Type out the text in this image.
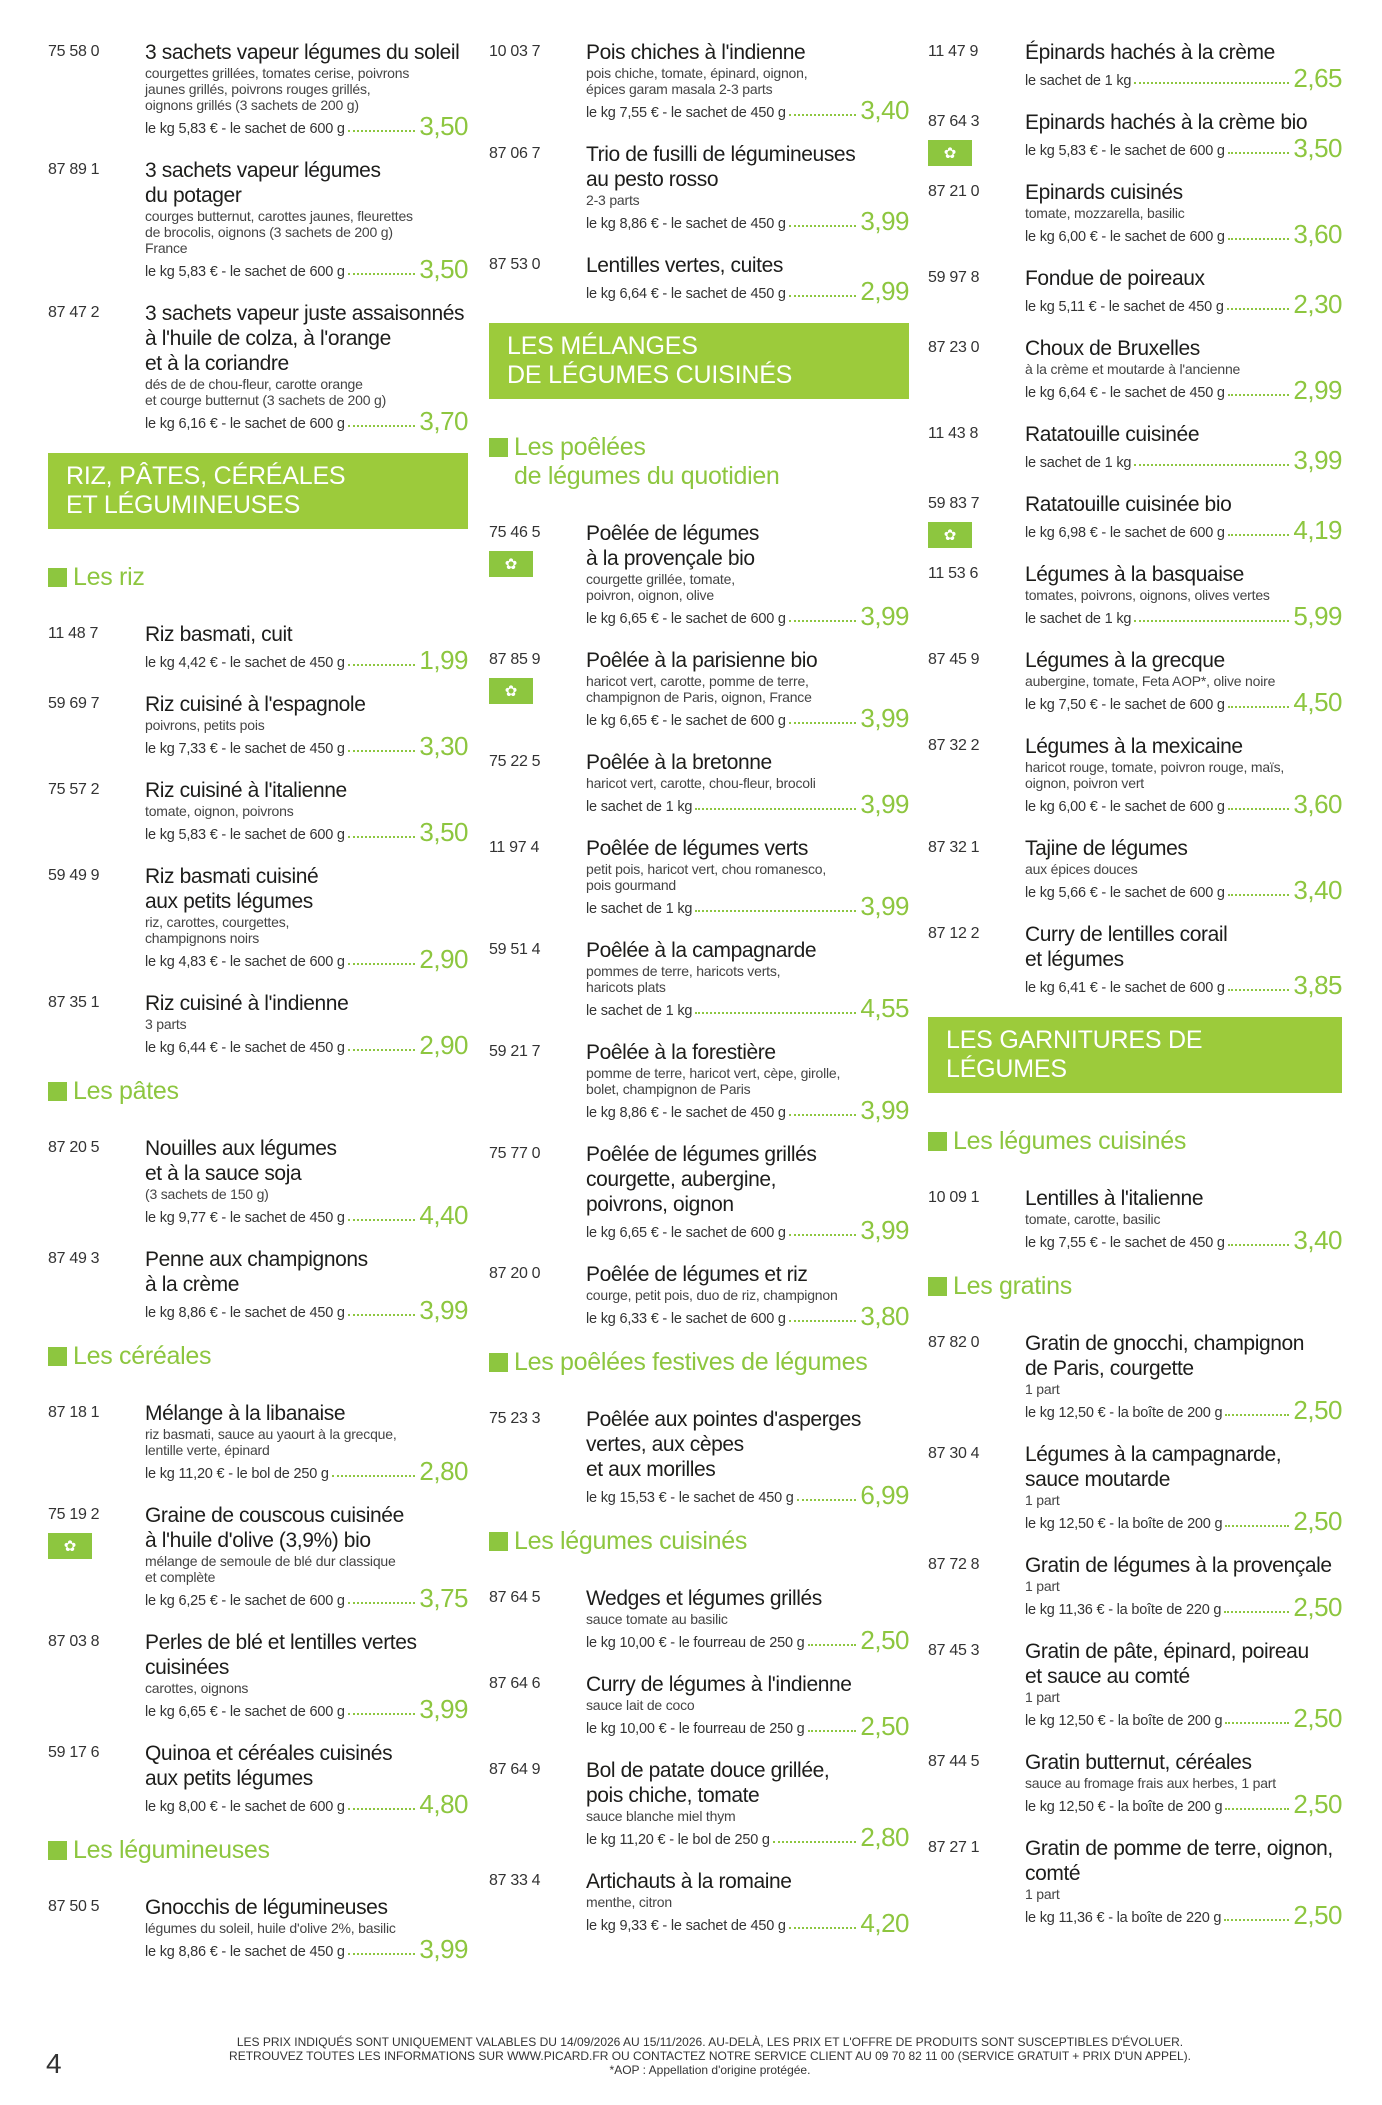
75 58 0	3 sachets vapeur légumes du soleil
courgettes grillées, tomates cerise, poivrons
jaunes grillés, poivrons rouges grillés,
oignons grillés (3 sachets de 200 g)
le kg 5,83 € - le sachet de 600 g	3,50
87 89 1	3 sachets vapeur légumes
du potager
courges butternut, carottes jaunes, fleurettes
de brocolis, oignons (3 sachets de 200 g)
France
le kg 5,83 € - le sachet de 600 g	3,50
87 47 2	3 sachets vapeur juste assaisonnés
à l'huile de colza, à l'orange
et à la coriandre
dés de de chou-fleur, carotte orange
et courge butternut (3 sachets de 200 g)
le kg 6,16 € - le sachet de 600 g	3,70
RIZ, PÂTES, CÉRÉALES
ET LÉGUMINEUSES
Les riz
11 48 7	Riz basmati, cuit
le kg 4,42 € - le sachet de 450 g	1,99
59 69 7	Riz cuisiné à l'espagnole
poivrons, petits pois
le kg 7,33 € - le sachet de 450 g	3,30
75 57 2	Riz cuisiné à l'italienne
tomate, oignon, poivrons
le kg 5,83 € - le sachet de 600 g	3,50
59 49 9	Riz basmati cuisiné
aux petits légumes
riz, carottes, courgettes,
champignons noirs
le kg 4,83 € - le sachet de 600 g	2,90
87 35 1	Riz cuisiné à l'indienne
3 parts
le kg 6,44 € - le sachet de 450 g	2,90
Les pâtes
87 20 5	Nouilles aux légumes
et à la sauce soja
(3 sachets de 150 g)
le kg 9,77 € - le sachet de 450 g	4,40
87 49 3	Penne aux champignons
à la crème
le kg 8,86 € - le sachet de 450 g	3,99
Les céréales
87 18 1	Mélange à la libanaise
riz basmati, sauce au yaourt à la grecque,
lentille verte, épinard
le kg 11,20 € - le bol de 250 g	2,80
75 19 2
✿
Graine de couscous cuisinée
à l'huile d'olive (3,9%) bio
mélange de semoule de blé dur classique
et complète
le kg 6,25 € - le sachet de 600 g	3,75
87 03 8	Perles de blé et lentilles vertes
cuisinées
carottes, oignons
le kg 6,65 € - le sachet de 600 g	3,99
59 17 6	Quinoa et céréales cuisinés
aux petits légumes
le kg 8,00 € - le sachet de 600 g	4,80
Les légumineuses
87 50 5	Gnocchis de légumineuses
légumes du soleil, huile d'olive 2%, basilic
le kg 8,86 € - le sachet de 450 g	3,99
10 03 7	Pois chiches à l'indienne
pois chiche, tomate, épinard, oignon,
épices garam masala 2-3 parts
le kg 7,55 € - le sachet de 450 g	3,40
87 06 7	Trio de fusilli de légumineuses
au pesto rosso
2-3 parts
le kg 8,86 € - le sachet de 450 g	3,99
87 53 0	Lentilles vertes, cuites
le kg 6,64 € - le sachet de 450 g	2,99
LES MÉLANGES
DE LÉGUMES CUISINÉS
Les poêlées
de légumes du quotidien
75 46 5
✿
Poêlée de légumes
à la provençale bio
courgette grillée, tomate,
poivron, oignon, olive
le kg 6,65 € - le sachet de 600 g	3,99
87 85 9
✿
Poêlée à la parisienne bio
haricot vert, carotte, pomme de terre,
champignon de Paris, oignon, France
le kg 6,65 € - le sachet de 600 g	3,99
75 22 5	Poêlée à la bretonne
haricot vert, carotte, chou-fleur, brocoli
le sachet de 1 kg	3,99
11 97 4	Poêlée de légumes verts
petit pois, haricot vert, chou romanesco,
pois gourmand
le sachet de 1 kg	3,99
59 51 4	Poêlée à la campagnarde
pommes de terre, haricots verts,
haricots plats
le sachet de 1 kg	4,55
59 21 7	Poêlée à la forestière
pomme de terre, haricot vert, cèpe, girolle,
bolet, champignon de Paris
le kg 8,86 € - le sachet de 450 g	3,99
75 77 0	Poêlée de légumes grillés
courgette, aubergine,
poivrons, oignon
le kg 6,65 € - le sachet de 600 g	3,99
87 20 0	Poêlée de légumes et riz
courge, petit pois, duo de riz, champignon
le kg 6,33 € - le sachet de 600 g	3,80
Les poêlées festives de légumes
75 23 3	Poêlée aux pointes d'asperges
vertes, aux cèpes
et aux morilles
le kg 15,53 € - le sachet de 450 g	6,99
Les légumes cuisinés
87 64 5	Wedges et légumes grillés
sauce tomate au basilic
le kg 10,00 € - le fourreau de 250 g 2,50
87 64 6	Curry de légumes à l'indienne
sauce lait de coco
le kg 10,00 € - le fourreau de 250 g 2,50
87 64 9	Bol de patate douce grillée,
pois chiche, tomate
sauce blanche miel thym
le kg 11,20 € - le bol de 250 g	2,80
87 33 4	Artichauts à la romaine
menthe, citron
le kg 9,33 € - le sachet de 450 g	4,20
11 47 9	Épinards hachés à la crème
le sachet de 1 kg	2,65
87 64 3
✿
Epinards hachés à la crème bio
le kg 5,83 € - le sachet de 600 g	3,50
87 21 0	Epinards cuisinés
tomate, mozzarella, basilic
le kg 6,00 € - le sachet de 600 g	3,60
59 97 8	Fondue de poireaux
le kg 5,11 € - le sachet de 450 g	2,30
87 23 0	Choux de Bruxelles
à la crème et moutarde à l'ancienne
le kg 6,64 € - le sachet de 450 g	2,99
11 43 8	Ratatouille cuisinée
le sachet de 1 kg	3,99
59 83 7
✿
Ratatouille cuisinée bio
le kg 6,98 € - le sachet de 600 g	4,19
11 53 6	Légumes à la basquaise
tomates, poivrons, oignons, olives vertes
le sachet de 1 kg	5,99
87 45 9	Légumes à la grecque
aubergine, tomate, Feta AOP*, olive noire
le kg 7,50 € - le sachet de 600 g	4,50
87 32 2	Légumes à la mexicaine
haricot rouge, tomate, poivron rouge, maïs,
oignon, poivron vert
le kg 6,00 € - le sachet de 600 g	3,60
87 32 1	Tajine de légumes
aux épices douces
le kg 5,66 € - le sachet de 600 g	3,40
87 12 2	Curry de lentilles corail
et légumes
le kg 6,41 € - le sachet de 600 g	3,85
LES GARNITURES DE LÉGUMES
Les légumes cuisinés
10 09 1	Lentilles à l'italienne
tomate, carotte, basilic
le kg 7,55 € - le sachet de 450 g	3,40
Les gratins
87 82 0	Gratin de gnocchi, champignon
de Paris, courgette
1 part
le kg 12,50 € - la boîte de 200 g	2,50
87 30 4	Légumes à la campagnarde,
sauce moutarde
1 part
le kg 12,50 € - la boîte de 200 g	2,50
87 72 8	Gratin de légumes à la provençale
1 part
le kg 11,36 € - la boîte de 220 g	2,50
87 45 3	Gratin de pâte, épinard, poireau
et sauce au comté
1 part
le kg 12,50 € - la boîte de 200 g	2,50
87 44 5	Gratin butternut, céréales
sauce au fromage frais aux herbes, 1 part
le kg 12,50 € - la boîte de 200 g	2,50
87 27 1	Gratin de pomme de terre, oignon,
comté
1 part
le kg 11,36 € - la boîte de 220 g	2,50
4
LES PRIX INDIQUÉS SONT UNIQUEMENT VALABLES DU 14/09/2026 AU 15/11/2026. AU-DELÀ, LES PRIX ET L'OFFRE DE PRODUITS SONT SUSCEPTIBLES D'ÉVOLUER.
RETROUVEZ TOUTES LES INFORMATIONS SUR WWW.PICARD.FR OU CONTACTEZ NOTRE SERVICE CLIENT AU 09 70 82 11 00 (SERVICE GRATUIT + PRIX D'UN APPEL).
*AOP : Appellation d'origine protégée.
